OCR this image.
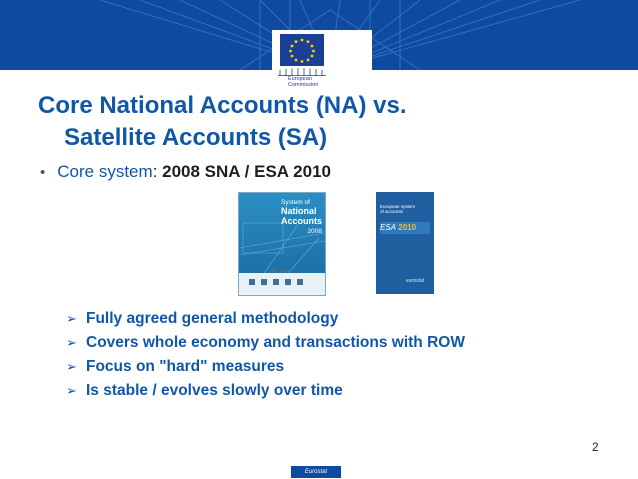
European
Commission
Core National Accounts (NA) vs.
Satellite Accounts (SA)
• Core system: 2008 SNA / ESA 2010
System of
National
Accounts
2008
European system
of accounts
ESA 2010
eurostat
➢ Fully agreed general methodology
➢ Covers whole economy and transactions with ROW
➢ Focus on "hard" measures
➢ Is stable / evolves slowly over time
2
Eurostat
